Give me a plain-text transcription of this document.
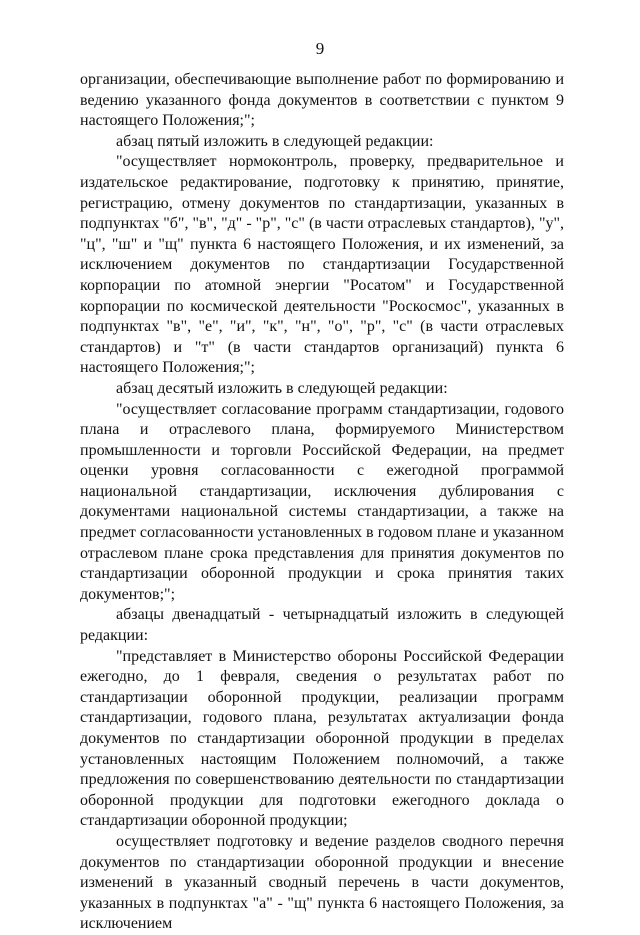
9

организации, обеспечивающие выполнение работ по формированию и ведению указанного фонда документов в соответствии с пунктом 9 настоящего Положения;";

абзац пятый изложить в следующей редакции:

"осуществляет нормоконтроль, проверку, предварительное и издательское редактирование, подготовку к принятию, принятие, регистрацию, отмену документов по стандартизации, указанных в подпунктах "б", "в", "д" - "р", "с" (в части отраслевых стандартов), "у", "ц", "ш" и "щ" пункта 6 настоящего Положения, и их изменений, за исключением документов по стандартизации Государственной корпорации по атомной энергии "Росатом" и Государственной корпорации по космической деятельности "Роскосмос", указанных в подпунктах "в", "е", "и", "к", "н", "о", "р", "с" (в части отраслевых стандартов) и "т" (в части стандартов организаций) пункта 6 настоящего Положения;";

абзац десятый изложить в следующей редакции:

"осуществляет согласование программ стандартизации, годового плана и отраслевого плана, формируемого Министерством промышленности и торговли Российской Федерации, на предмет оценки уровня согласованности с ежегодной программой национальной стандартизации, исключения дублирования с документами национальной системы стандартизации, а также на предмет согласованности установленных в годовом плане и указанном отраслевом плане срока представления для принятия документов по стандартизации оборонной продукции и срока принятия таких документов;";

абзацы двенадцатый - четырнадцатый изложить в следующей редакции:

"представляет в Министерство обороны Российской Федерации ежегодно, до 1 февраля, сведения о результатах работ по стандартизации оборонной продукции, реализации программ стандартизации, годового плана, результатах актуализации фонда документов по стандартизации оборонной продукции в пределах установленных настоящим Положением полномочий, а также предложения по совершенствованию деятельности по стандартизации оборонной продукции для подготовки ежегодного доклада о стандартизации оборонной продукции;

осуществляет подготовку и ведение разделов сводного перечня документов по стандартизации оборонной продукции и внесение изменений в указанный сводный перечень в части документов, указанных в подпунктах "а" - "щ" пункта 6 настоящего Положения, за исключением
